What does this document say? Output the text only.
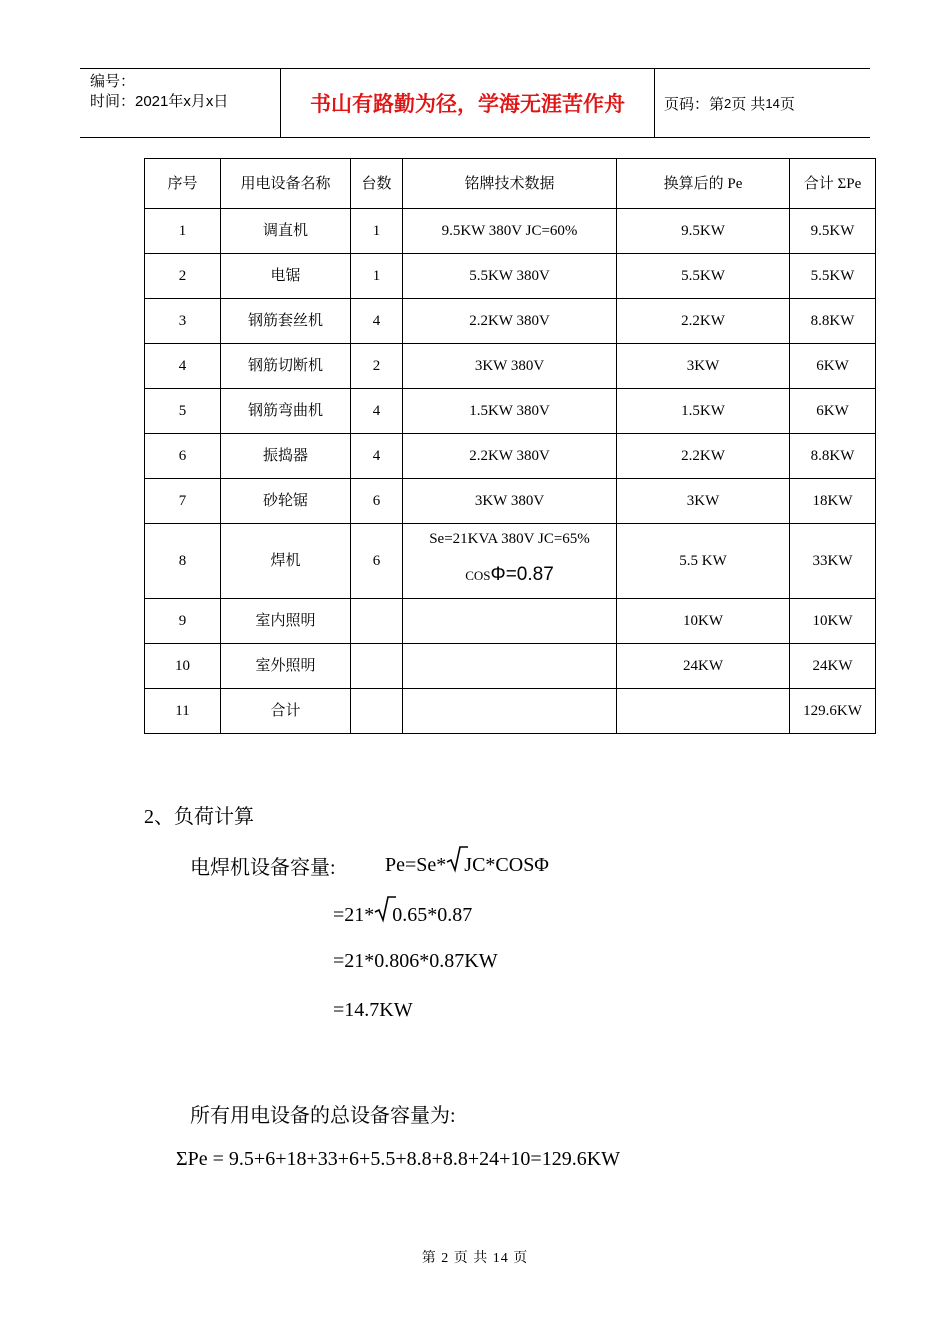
编号：
时间：2021年x月x日	书山有路勤为径，学海无涯苦作舟	页码：第 2 页 共 14 页
序号	用电设备名称	台数	铭牌技术数据	换算后的 Pe	合计 ΣPe
1	调直机	1	9.5KW 380V JC=60%	9.5KW	9.5KW
2	电锯	1	5.5KW 380V	5.5KW	5.5KW
3	钢筋套丝机	4	2.2KW 380V	2.2KW	8.8KW
4	钢筋切断机	2	3KW 380V	3KW	6KW
5	钢筋弯曲机	4	1.5KW 380V	1.5KW	6KW
6	振捣器	4	2.2KW 380V	2.2KW	8.8KW
7	砂轮锯	6	3KW 380V	3KW	18KW
8	焊机	6	Se=21KVA 380V JC=65%
COSΦ=0.87	5.5 KW	33KW
9	室内照明			10KW	10KW
10	室外照明			24KW	24KW
11	合计				129.6KW
2、负荷计算
电焊机设备容量: Pe=Se* JC*COSΦ
=21* 0.65*0.87
=21*0.806*0.87KW
=14.7KW
所有用电设备的总设备容量为:
ΣPe = 9.5+6+18+33+6+5.5+8.8+8.8+24+10=129.6KW
第 2 页 共 14 页
